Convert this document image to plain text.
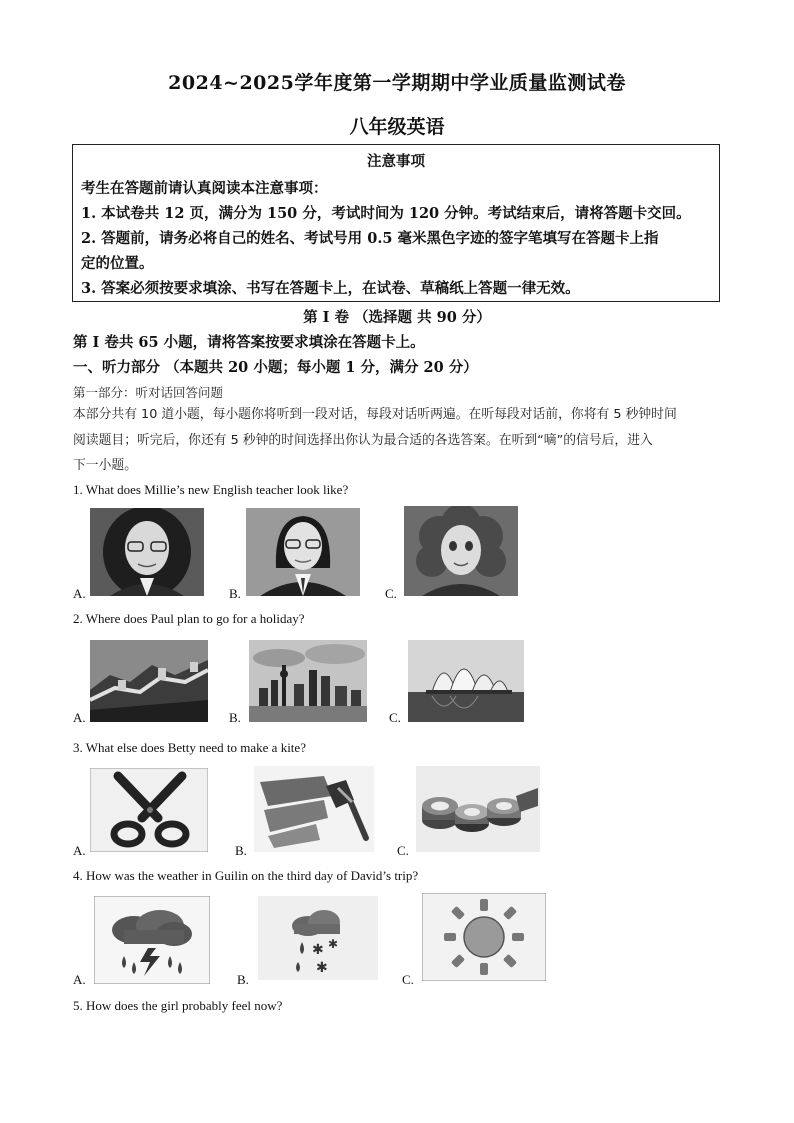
2024~2025学年度第一学期期中学业质量监测试卷
八年级英语
注意事项
考生在答题前请认真阅读本注意事项：
1. 本试卷共 12 页，满分为 150 分，考试时间为 120 分钟。考试结束后，请将答题卡交回。
2. 答题前，请务必将自己的姓名、考试号用 0.5 毫米黑色字迹的签字笔填写在答题卡上指
定的位置。
3. 答案必须按要求填涂、书写在答题卡上，在试卷、草稿纸上答题一律无效。
第 I 卷 （选择题 共 90 分）
第 I 卷共 65 小题，请将答案按要求填涂在答题卡上。
一、听力部分 （本题共 20 小题；每小题 1 分，满分 20 分）
第一部分：听对话回答问题
本部分共有 10 道小题，每小题你将听到一段对话，每段对话听两遍。在听每段对话前，你将有 5 秒钟时间
阅读题目；听完后，你还有 5 秒钟的时间选择出你认为最合适的各选答案。在听到“嘀”的信号后，进入
下一小题。
1. What does Millie’s new English teacher look like?
A.	B.	C.
2. Where does Paul plan to go for a holiday?
A.	B.	C.
3. What else does Betty need to make a kite?
A.	B.	C.
4. How was the weather in Guilin on the third day of David’s trip?
A.	B.
✱ ✱
✱
C.
5. How does the girl probably feel now?
